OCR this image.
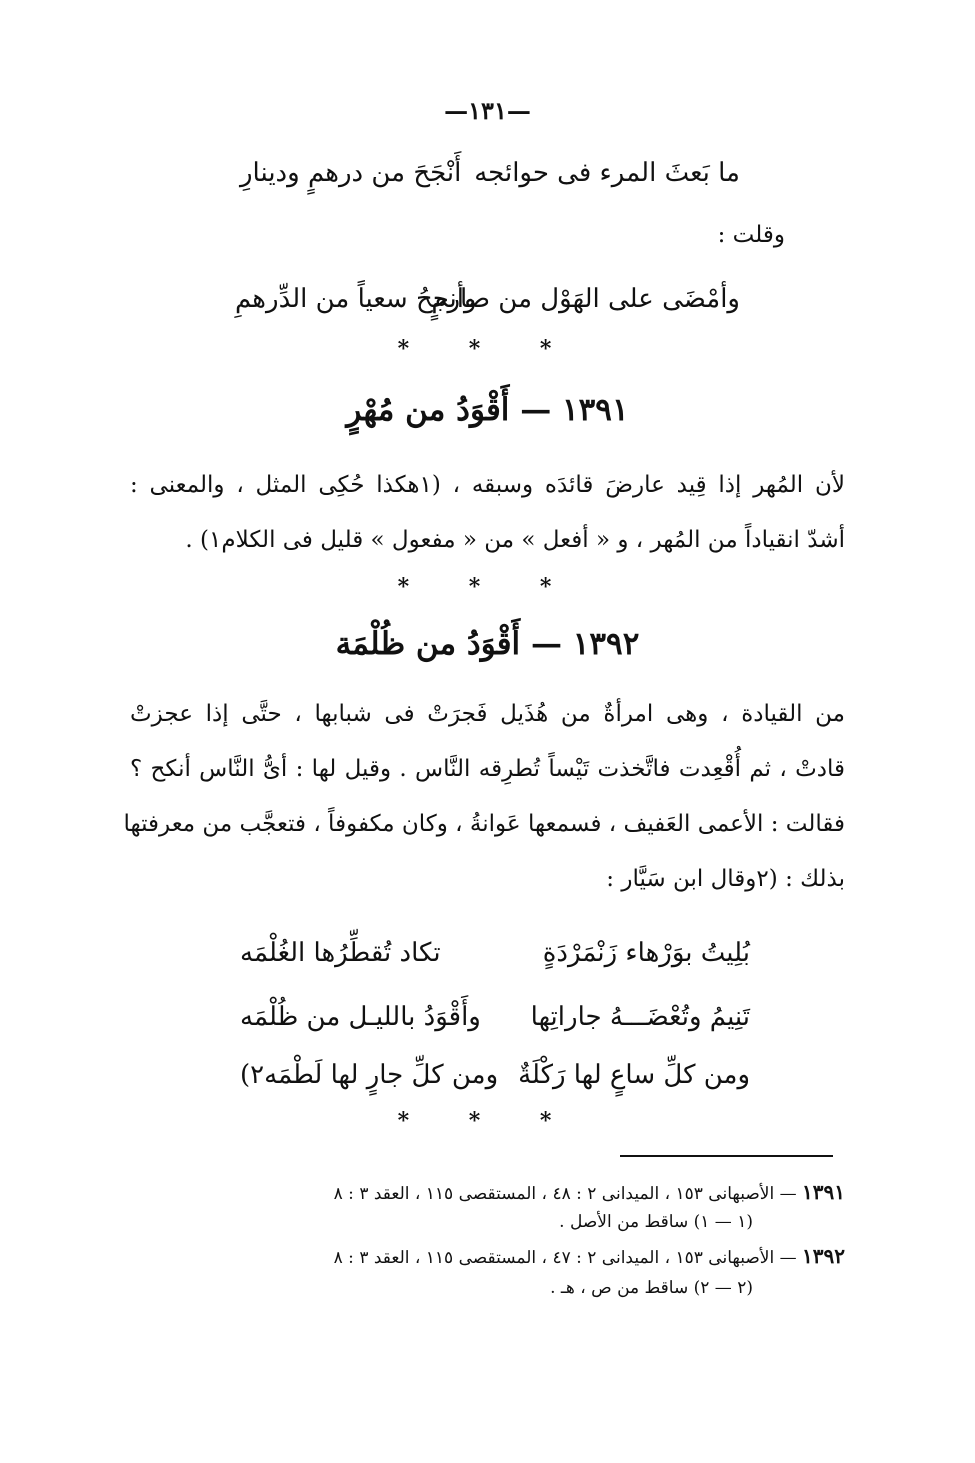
—١٣١—
ما بَعثَ المرء فى حوائجه
أَنْجَحَ من درهمٍ ودينارِ
وقلت :
وأمْضَى على الهَوْل من صارمٍ
وأنجحُ سعياً من الدِّرهمِ
* * *
١٣٩١ — أَقْوَدُ من مُهْرٍ
لأن المُهر إذا قِيد عارضَ قائدَه وسبقه ، (١هكذا حُكِى المثل ، والمعنى :
أشدّ انقياداً من المُهر ، و « أفعل » من « مفعول » قليل فى الكلام١) .
* * *
١٣٩٢ — أَقْوَدُ من ظُلْمَة
من القيادة ، وهى امرأةٌ من هُذَيل فَجرَتْ فى شبابها ، حتَّى إذا عجزتْ
قادتْ ، ثم أُقْعِدت فاتَّخذت تَيْساً تُطرِقه النَّاس . وقيل لها : أىُّ النَّاس أنكح ؟
فقالت : الأعمى العَفيف ، فسمعها عَوانةُ ، وكان مكفوفاً ، فتعجَّب من معرفتها
بذلك : (٢وقال ابن سَيَّار :
بُلِيتُ بوَرْهاء زَنْمَرْدَةٍ
تكاد تُقطِّرُها الغُلْمَه
تَنِيمُ وتُعْضَـــهُ جاراتِها
وأَقْوَدُ بالليـل من ظُلْمَه
ومن كلِّ ساعٍ لها رَكْلَةٌ
ومن كلِّ جارٍ لها لَطْمَه٢)
* * *
١٣٩١ — الأصبهانى ١٥٣ ، الميدانى ٢ : ٤٨ ، المستقصى ١١٥ ، العقد ٣ : ٨
(١ — ١) ساقط من الأصل .
١٣٩٢ — الأصبهانى ١٥٣ ، الميدانى ٢ : ٤٧ ، المستقصى ١١٥ ، العقد ٣ : ٨
(٢ — ٢) ساقط من ص ، هـ .
